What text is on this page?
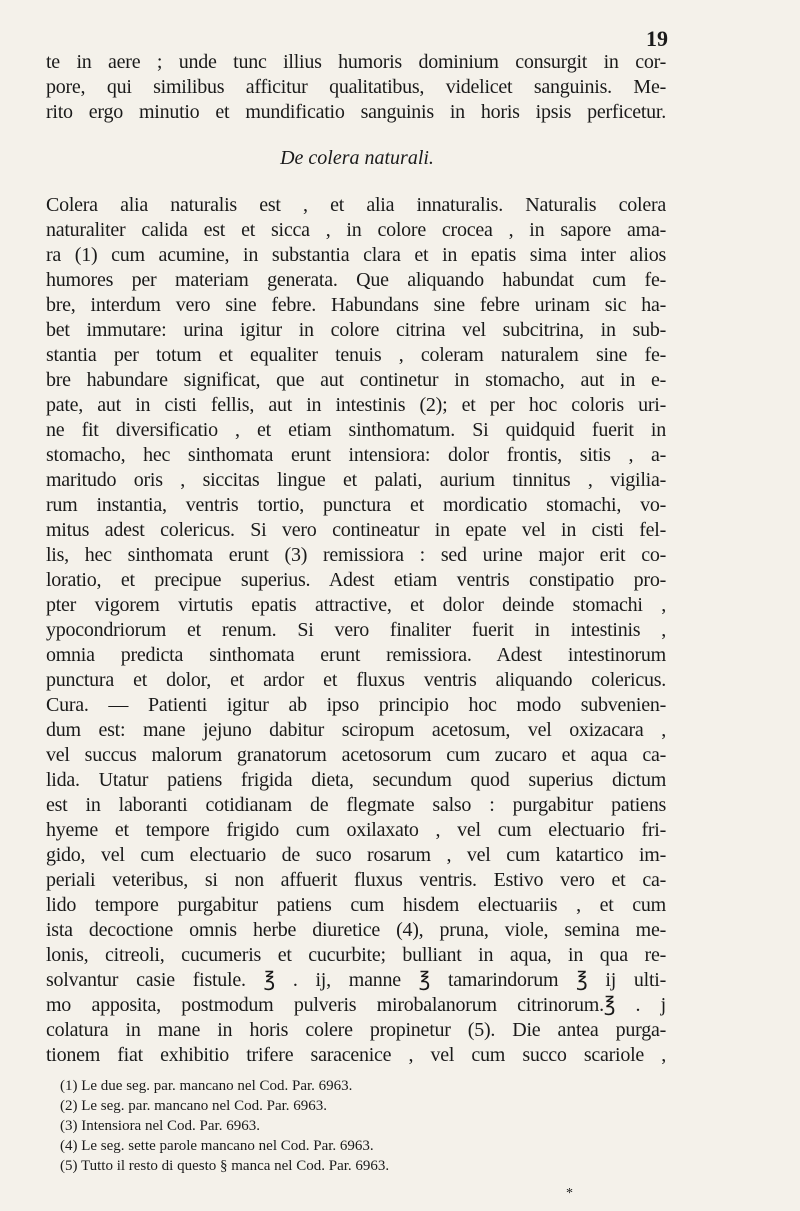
19
te in aere ; unde tunc illius humoris dominium consurgit in cor-
pore, qui similibus afficitur qualitatibus, videlicet sanguinis. Me-
rito ergo minutio et mundificatio sanguinis in horis ipsis perficetur.
De colera naturali.
Colera alia naturalis est , et alia innaturalis. Naturalis colera
naturaliter calida est et sicca , in colore crocea , in sapore ama-
ra (1) cum acumine, in substantia clara et in epatis sima inter alios
humores per materiam generata. Que aliquando habundat cum fe-
bre, interdum vero sine febre. Habundans sine febre urinam sic ha-
bet immutare: urina igitur in colore citrina vel subcitrina, in sub-
stantia per totum et equaliter tenuis , coleram naturalem sine fe-
bre habundare significat, que aut continetur in stomacho, aut in e-
pate, aut in cisti fellis, aut in intestinis (2); et per hoc coloris uri-
ne fit diversificatio , et etiam sinthomatum. Si quidquid fuerit in
stomacho, hec sinthomata erunt intensiora: dolor frontis, sitis , a-
maritudo oris , siccitas lingue et palati, aurium tinnitus , vigilia-
rum instantia, ventris tortio, punctura et mordicatio stomachi, vo-
mitus adest colericus. Si vero contineatur in epate vel in cisti fel-
lis, hec sinthomata erunt (3) remissiora : sed urine major erit co-
loratio, et precipue superius. Adest etiam ventris constipatio pro-
pter vigorem virtutis epatis attractive, et dolor deinde stomachi ,
ypocondriorum et renum. Si vero finaliter fuerit in intestinis ,
omnia predicta sinthomata erunt remissiora. Adest intestinorum
punctura et dolor, et ardor et fluxus ventris aliquando colericus.
Cura. — Patienti igitur ab ipso principio hoc modo subvenien-
dum est: mane jejuno dabitur sciropum acetosum, vel oxizacara ,
vel succus malorum granatorum acetosorum cum zucaro et aqua ca-
lida. Utatur patiens frigida dieta, secundum quod superius dictum
est in laboranti cotidianam de flegmate salso : purgabitur patiens
hyeme et tempore frigido cum oxilaxato , vel cum electuario fri-
gido, vel cum electuario de suco rosarum , vel cum katartico im-
periali veteribus, si non affuerit fluxus ventris. Estivo vero et ca-
lido tempore purgabitur patiens cum hisdem electuariis , et cum
ista decoctione omnis herbe diuretice (4), pruna, viole, semina me-
lonis, citreoli, cucumeris et cucurbite; bulliant in aqua, in qua re-
solvantur casie fistule. ℥ . ij, manne ℥ tamarindorum ℥ ij ulti-
mo apposita, postmodum pulveris mirobalanorum citrinorum.℥ . j
colatura in mane in horis colere propinetur (5). Die antea purga-
tionem fiat exhibitio trifere saracenice , vel cum succo scariole ,
(1) Le due seg. par. mancano nel Cod. Par. 6963.
(2) Le seg. par. mancano nel Cod. Par. 6963.
(3) Intensiora nel Cod. Par. 6963.
(4) Le seg. sette parole mancano nel Cod. Par. 6963.
(5) Tutto il resto di questo § manca nel Cod. Par. 6963.
*
